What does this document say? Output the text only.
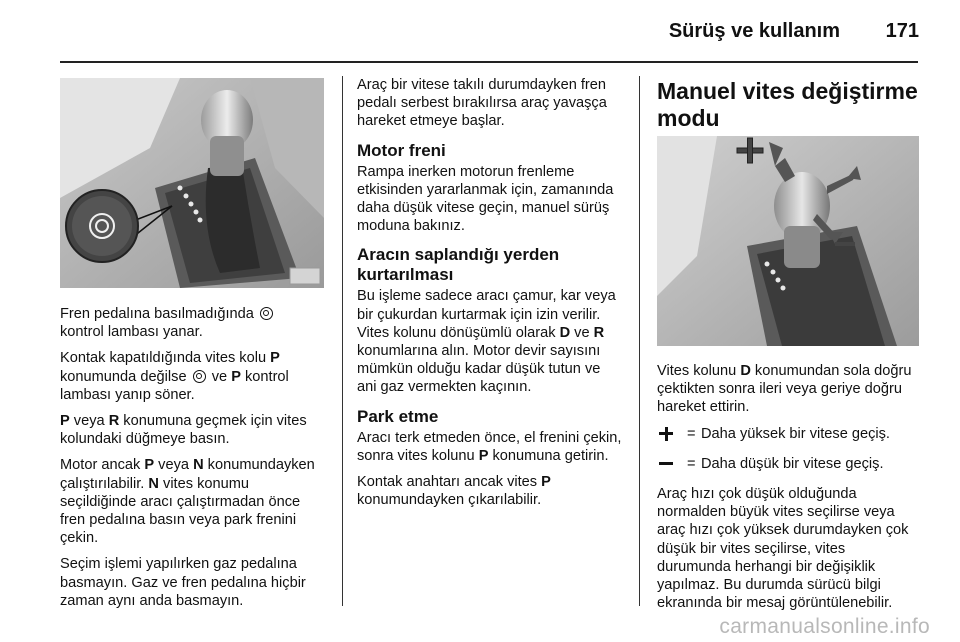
Sürüş ve kullanım	171

Fren pedalına basılmadığında
kontrol lambası yanar.

Kontak kapatıldığında vites kolu P konumunda değilse ve P kontrol lambası yanıp söner.

P veya R konumuna geçmek için vites kolundaki düğmeye basın.

Motor ancak P veya N konumundayken çalıştırılabilir. N vites konumu seçildiğinde aracı çalıştırmadan önce fren pedalına basın veya park frenini çekin.

Seçim işlemi yapılırken gaz pedalına basmayın. Gaz ve fren pedalına hiçbir zaman aynı anda basmayın.

Araç bir vitese takılı durumdayken fren pedalı serbest bırakılırsa araç yavaşça hareket etmeye başlar.

Motor freni

Rampa inerken motorun frenleme etkisinden yararlanmak için, zamanında daha düşük vitese geçin, manuel sürüş moduna bakınız.

Aracın saplandığı yerden kurtarılması

Bu işleme sadece aracı çamur, kar veya bir çukurdan kurtarmak için izin verilir. Vites kolunu dönüşümlü olarak D ve R konumlarına alın. Motor devir sayısını mümkün olduğu kadar düşük tutun ve ani gaz vermekten kaçının.

Park etme

Aracı terk etmeden önce, el frenini çekin, sonra vites kolunu P konumuna getirin.

Kontak anahtarı ancak vites P konumundayken çıkarılabilir.

Manuel vites değiştirme modu

Vites kolunu D konumundan sola doğru çektikten sonra ileri veya geriye doğru hareket ettirin.

= Daha yüksek bir vitese geçiş.
= Daha düşük bir vitese geçiş.

Araç hızı çok düşük olduğunda normalden büyük vites seçilirse veya araç hızı çok yüksek durumdayken çok düşük bir vites seçilirse, vites durumunda herhangi bir değişiklik yapılmaz. Bu durumda sürücü bilgi ekranında bir mesaj görüntülenebilir.

carmanualsonline.info
